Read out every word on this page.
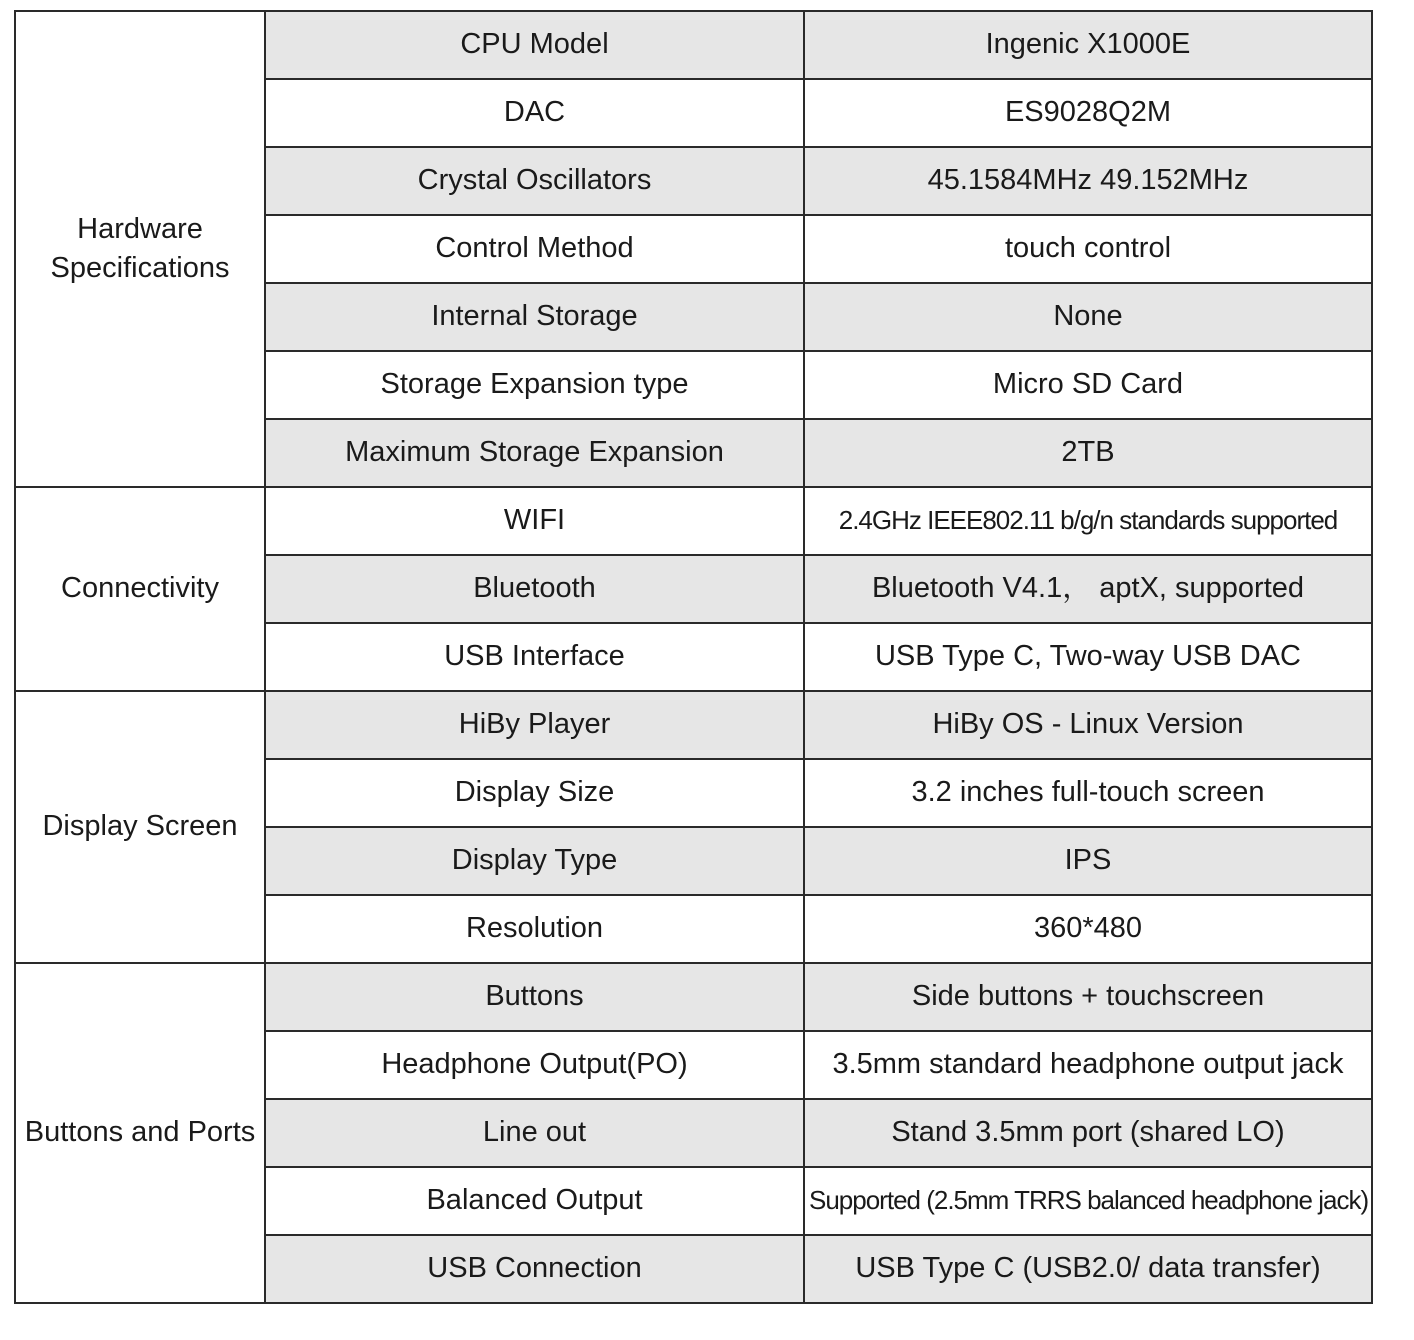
Hardware
Specifications	CPU Model	Ingenic X1000E
	DAC	ES9028Q2M
	Crystal Oscillators	45.1584MHz 49.152MHz
	Control Method	touch control
	Internal Storage	None
	Storage Expansion type	Micro SD Card
	Maximum Storage Expansion	2TB
Connectivity	WIFI	2.4GHz IEEE802.11 b/g/n standards supported
	Bluetooth	Bluetooth V4.1， aptX, supported
	USB Interface	USB Type C, Two-way USB DAC
Display Screen	HiBy Player	HiBy OS - Linux Version
	Display Size	3.2 inches full-touch screen
	Display Type	IPS
	Resolution	360*480
Buttons and Ports	Buttons	Side buttons + touchscreen
	Headphone Output(PO)	3.5mm standard headphone output jack
	Line out	Stand 3.5mm port (shared LO)
	Balanced Output	Supported (2.5mm TRRS balanced headphone jack)
	USB Connection	USB Type C (USB2.0/ data transfer)
